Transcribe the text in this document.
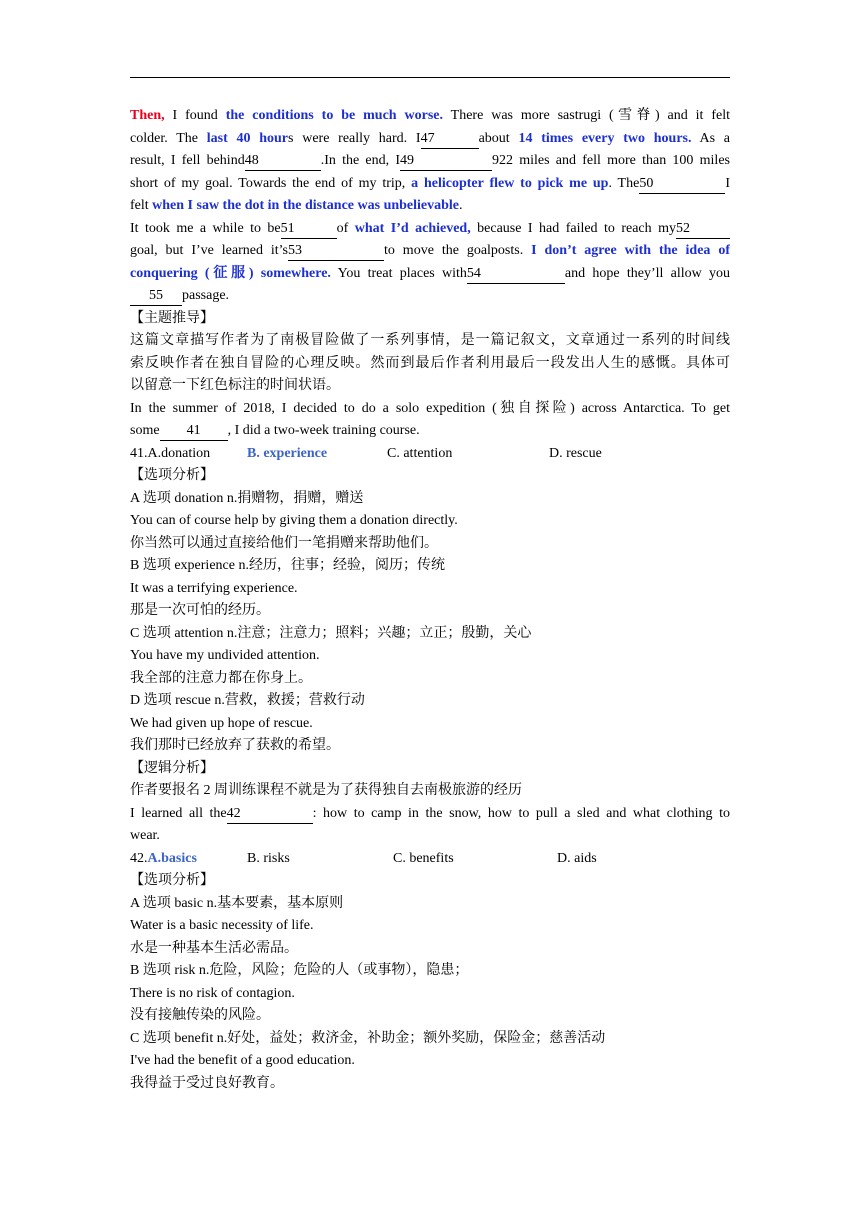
Then, I found the conditions to be much worse. There was more sastrugi (雪脊) and it felt
colder. The last 40 hours were really hard. I47	about 14 times every two hours. As a
result, I fell behind48	.In the end, I49	922 miles and fell more than 100 miles
short of my goal. Towards the end of my trip, a helicopter flew to pick me up. The50	I
felt when I saw the dot in the distance was unbelievable.
It took me a while to be51	of what I’d achieved, because I had failed to reach my52
goal, but I’ve learned it’s53	to move the goalposts. I don’t agree with the idea of
conquering (征服) somewhere. You treat places with54	and hope they’ll allow you
55 passage.
【主题推导】
这篇文章描写作者为了南极冒险做了一系列事情，是一篇记叙文，文章通过一系列的时间线
索反映作者在独自冒险的心理反映。然而到最后作者利用最后一段发出人生的感慨。具体可
以留意一下红色标注的时间状语。
In the summer of 2018, I decided to do a solo expedition (独自探险) across Antarctica. To get
some 41 , I did a two-week training course.
41.A.donation	B. experience	C. attention	D. rescue
【选项分析】
A 选项 donation n.捐赠物，捐赠，赠送
You can of course help by giving them a donation directly.
你当然可以通过直接给他们一笔捐赠来帮助他们。
B 选项 experience n.经历，往事；经验，阅历；传统
It was a terrifying experience.
那是一次可怕的经历。
C 选项 attention n.注意；注意力；照料；兴趣；立正；殷勤，关心
You have my undivided attention.
我全部的注意力都在你身上。
D 选项 rescue n.营救，救援；营救行动
We had given up hope of rescue.
我们那时已经放弃了获救的希望。
【逻辑分析】
作者要报名 2 周训练课程不就是为了获得独自去南极旅游的经历
I learned all the42	: how to camp in the snow, how to pull a sled and what clothing to
wear.
42.A.basics	B. risks	C. benefits	D. aids
【选项分析】
A 选项 basic n.基本要素，基本原则
Water is a basic necessity of life.
水是一种基本生活必需品。
B 选项 risk n.危险，风险；危险的人（或事物），隐患；
There is no risk of contagion.
没有接触传染的风险。
C 选项 benefit n.好处，益处；救济金，补助金；额外奖励，保险金；慈善活动
I've had the benefit of a good education.
我得益于受过良好教育。
